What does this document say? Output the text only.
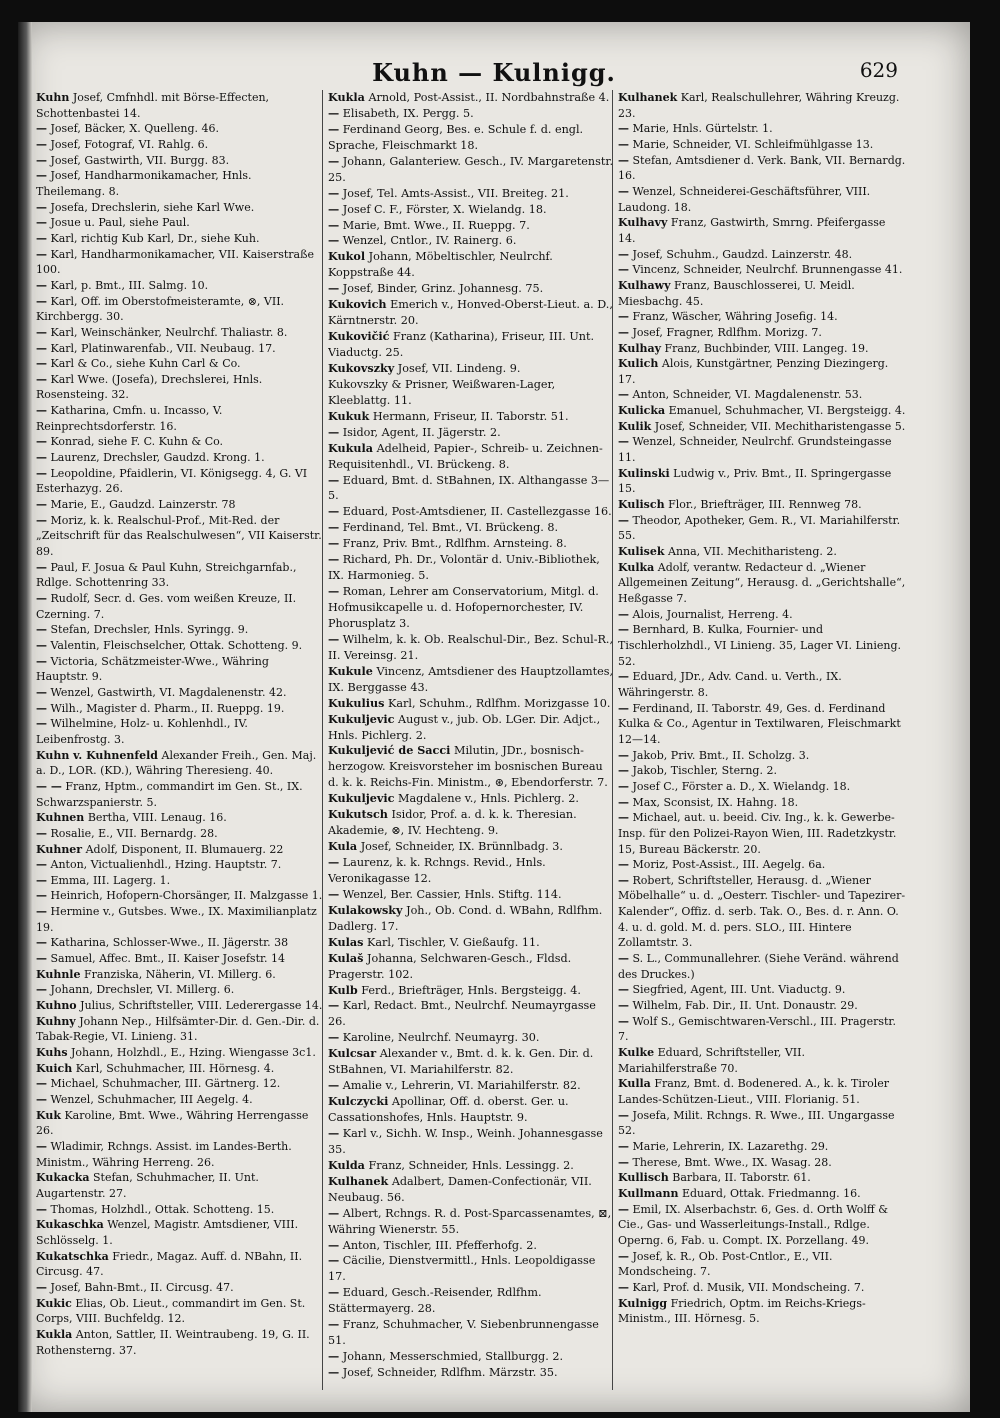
Kuhn — Kulnigg.	629

Kuhn Josef, Cmfnhdl. mit Börse-Effecten, Schottenbastei 14.

— Josef, Bäcker, X. Quelleng. 46.

— Josef, Fotograf, VI. Rahlg. 6.

— Josef, Gastwirth, VII. Burgg. 83.

— Josef, Handharmonikamacher, Hnls. Theilemang. 8.

— Josefa, Drechslerin, siehe Karl Wwe.

— Josue u. Paul, siehe Paul.

— Karl, richtig Kub Karl, Dr., siehe Kuh.

— Karl, Handharmonikamacher, VII. Kaiserstraße 100.

— Karl, p. Bmt., III. Salmg. 10.

— Karl, Off. im Oberstofmeisteramte, ⊗, VII. Kirchbergg. 30.

— Karl, Weinschänker, Neulrchf. Thaliastr. 8.

— Karl, Platinwarenfab., VII. Neubaug. 17.

— Karl & Co., siehe Kuhn Carl & Co.

— Karl Wwe. (Josefa), Drechslerei, Hnls. Rosensteing. 32.

— Katharina, Cmfn. u. Incasso, V. Reinprechtsdorferstr. 16.

— Konrad, siehe F. C. Kuhn & Co.

— Laurenz, Drechsler, Gaudzd. Krong. 1.

— Leopoldine, Pfaidlerin, VI. Königsegg. 4, G. VI Esterhazyg. 26.

— Marie, E., Gaudzd. Lainzerstr. 78

— Moriz, k. k. Realschul-Prof., Mit-Red. der „Zeitschrift für das Realschulwesen“, VII Kaiserstr. 89.

— Paul, F. Josua & Paul Kuhn, Streichgarnfab., Rdlge. Schottenring 33.

— Rudolf, Secr. d. Ges. vom weißen Kreuze, II. Czerning. 7.

— Stefan, Drechsler, Hnls. Syringg. 9.

— Valentin, Fleischselcher, Ottak. Schotteng. 9.

— Victoria, Schätzmeister-Wwe., Währing Hauptstr. 9.

— Wenzel, Gastwirth, VI. Magdalenenstr. 42.

— Wilh., Magister d. Pharm., II. Rueppg. 19.

— Wilhelmine, Holz- u. Kohlenhdl., IV. Leibenfrostg. 3.

Kuhn v. Kuhnenfeld Alexander Freih., Gen. Maj. a. D., LOR. (KD.), Währing Theresieng. 40.

— — Franz, Hptm., commandirt im Gen. St., IX. Schwarzspanierstr. 5.

Kuhnen Bertha, VIII. Lenaug. 16.

— Rosalie, E., VII. Bernardg. 28.

Kuhner Adolf, Disponent, II. Blumauerg. 22

— Anton, Victualienhdl., Hzing. Hauptstr. 7.

— Emma, III. Lagerg. 1.

— Heinrich, Hofopern-Chorsänger, II. Malzgasse 1.

— Hermine v., Gutsbes. Wwe., IX. Maximilianplatz 19.

— Katharina, Schlosser-Wwe., II. Jägerstr. 38

— Samuel, Affec. Bmt., II. Kaiser Josefstr. 14

Kuhnle Franziska, Näherin, VI. Millerg. 6.

— Johann, Drechsler, VI. Millerg. 6.

Kuhno Julius, Schriftsteller, VIII. Lederergasse 14.

Kuhny Johann Nep., Hilfsämter-Dir. d. Gen.-Dir. d. Tabak-Regie, VI. Linieng. 31.

Kuhs Johann, Holzhdl., E., Hzing. Wiengasse 3c1.

Kuich Karl, Schuhmacher, III. Hörnesg. 4.

— Michael, Schuhmacher, III. Gärtnerg. 12.

— Wenzel, Schuhmacher, III Aegelg. 4.

Kuk Karoline, Bmt. Wwe., Währing Herrengasse 26.

— Wladimir, Rchngs. Assist. im Landes-Berth. Ministm., Währing Herreng. 26.

Kukacka Stefan, Schuhmacher, II. Unt. Augartenstr. 27.

— Thomas, Holzhdl., Ottak. Schotteng. 15.

Kukaschka Wenzel, Magistr. Amtsdiener, VIII. Schlösselg. 1.

Kukatschka Friedr., Magaz. Auff. d. NBahn, II. Circusg. 47.

— Josef, Bahn-Bmt., II. Circusg. 47.

Kukic Elias, Ob. Lieut., commandirt im Gen. St. Corps, VIII. Buchfeldg. 12.

Kukla Anton, Sattler, II. Weintraubeng. 19, G. II. Rothensterng. 37.

Kukla Arnold, Post-Assist., II. Nordbahnstraße 4.

— Elisabeth, IX. Pergg. 5.

— Ferdinand Georg, Bes. e. Schule f. d. engl. Sprache, Fleischmarkt 18.

— Johann, Galanteriew. Gesch., IV. Margaretenstr. 25.

— Josef, Tel. Amts-Assist., VII. Breiteg. 21.

— Josef C. F., Förster, X. Wielandg. 18.

— Marie, Bmt. Wwe., II. Rueppg. 7.

— Wenzel, Cntlor., IV. Rainerg. 6.

Kukol Johann, Möbeltischler, Neulrchf. Koppstraße 44.

— Josef, Binder, Grinz. Johannesg. 75.

Kukovich Emerich v., Honved-Oberst-Lieut. a. D., Kärntnerstr. 20.

Kukovičić Franz (Katharina), Friseur, III. Unt. Viaductg. 25.

Kukovszky Josef, VII. Lindeng. 9.

Kukovszky & Prisner, Weißwaren-Lager, Kleeblattg. 11.

Kukuk Hermann, Friseur, II. Taborstr. 51.

— Isidor, Agent, II. Jägerstr. 2.

Kukula Adelheid, Papier-, Schreib- u. Zeichnen-Requisitenhdl., VI. Brückeng. 8.

— Eduard, Bmt. d. StBahnen, IX. Althangasse 3—5.

— Eduard, Post-Amtsdiener, II. Castellezgasse 16.

— Ferdinand, Tel. Bmt., VI. Brückeng. 8.

— Franz, Priv. Bmt., Rdlfhm. Arnsteing. 8.

— Richard, Ph. Dr., Volontär d. Univ.-Bibliothek, IX. Harmonieg. 5.

— Roman, Lehrer am Conservatorium, Mitgl. d. Hofmusikcapelle u. d. Hofopernorchester, IV. Phorusplatz 3.

— Wilhelm, k. k. Ob. Realschul-Dir., Bez. Schul-R., II. Vereinsg. 21.

Kukule Vincenz, Amtsdiener des Hauptzollamtes, IX. Berggasse 43.

Kukulius Karl, Schuhm., Rdlfhm. Morizgasse 10.

Kukuljevic August v., jub. Ob. LGer. Dir. Adjct., Hnls. Pichlerg. 2.

Kukuljević de Sacci Milutin, JDr., bosnisch-herzogow. Kreisvorsteher im bosnischen Bureau d. k. k. Reichs-Fin. Ministm., ⊛, Ebendorferstr. 7.

Kukuljevic Magdalene v., Hnls. Pichlerg. 2.

Kukutsch Isidor, Prof. a. d. k. k. Theresian. Akademie, ⊗, IV. Hechteng. 9.

Kula Josef, Schneider, IX. Brünnlbadg. 3.

— Laurenz, k. k. Rchngs. Revid., Hnls. Veronikagasse 12.

— Wenzel, Ber. Cassier, Hnls. Stiftg. 114.

Kulakowsky Joh., Ob. Cond. d. WBahn, Rdlfhm. Dadlerg. 17.

Kulas Karl, Tischler, V. Gießaufg. 11.

Kulaš Johanna, Selchwaren-Gesch., Fldsd. Pragerstr. 102.

Kulb Ferd., Briefträger, Hnls. Bergsteigg. 4.

— Karl, Redact. Bmt., Neulrchf. Neumayrgasse 26.

— Karoline, Neulrchf. Neumayrg. 30.

Kulcsar Alexander v., Bmt. d. k. k. Gen. Dir. d. StBahnen, VI. Mariahilferstr. 82.

— Amalie v., Lehrerin, VI. Mariahilferstr. 82.

Kulczycki Apollinar, Off. d. oberst. Ger. u. Cassationshofes, Hnls. Hauptstr. 9.

— Karl v., Sichh. W. Insp., Weinh. Johannesgasse 35.

Kulda Franz, Schneider, Hnls. Lessingg. 2.

Kulhanek Adalbert, Damen-Confectionär, VII. Neubaug. 56.

— Albert, Rchngs. R. d. Post-Sparcassenamtes, ⊠, Währing Wienerstr. 55.

— Anton, Tischler, III. Pfefferhofg. 2.

— Cäcilie, Dienstvermittl., Hnls. Leopoldigasse 17.

— Eduard, Gesch.-Reisender, Rdlfhm. Stättermayerg. 28.

— Franz, Schuhmacher, V. Siebenbrunnengasse 51.

— Johann, Messerschmied, Stallburgg. 2.

— Josef, Schneider, Rdlfhm. Märzstr. 35.

Kulhanek Karl, Realschullehrer, Währing Kreuzg. 23.

— Marie, Hnls. Gürtelstr. 1.

— Marie, Schneider, VI. Schleifmühlgasse 13.

— Stefan, Amtsdiener d. Verk. Bank, VII. Bernardg. 16.

— Wenzel, Schneiderei-Geschäftsführer, VIII. Laudong. 18.

Kulhavy Franz, Gastwirth, Smrng. Pfeifergasse 14.

— Josef, Schuhm., Gaudzd. Lainzerstr. 48.

— Vincenz, Schneider, Neulrchf. Brunnengasse 41.

Kulhawy Franz, Bauschlosserei, U. Meidl. Miesbachg. 45.

— Franz, Wäscher, Währing Josefig. 14.

— Josef, Fragner, Rdlfhm. Morizg. 7.

Kulhay Franz, Buchbinder, VIII. Langeg. 19.

Kulich Alois, Kunstgärtner, Penzing Diezingerg. 17.

— Anton, Schneider, VI. Magdalenenstr. 53.

Kulicka Emanuel, Schuhmacher, VI. Bergsteigg. 4.

Kulik Josef, Schneider, VII. Mechitharistengasse 5.

— Wenzel, Schneider, Neulrchf. Grundsteingasse 11.

Kulinski Ludwig v., Priv. Bmt., II. Springergasse 15.

Kulisch Flor., Briefträger, III. Rennweg 78.

— Theodor, Apotheker, Gem. R., VI. Mariahilferstr. 55.

Kulisek Anna, VII. Mechitharisteng. 2.

Kulka Adolf, verantw. Redacteur d. „Wiener Allgemeinen Zeitung“, Herausg. d. „Gerichtshalle“, Heßgasse 7.

— Alois, Journalist, Herreng. 4.

— Bernhard, B. Kulka, Fournier- und Tischlerholzhdl., VI Linieng. 35, Lager VI. Linieng. 52.

— Eduard, JDr., Adv. Cand. u. Verth., IX. Währingerstr. 8.

— Ferdinand, II. Taborstr. 49, Ges. d. Ferdinand Kulka & Co., Agentur in Textilwaren, Fleischmarkt 12—14.

— Jakob, Priv. Bmt., II. Scholzg. 3.

— Jakob, Tischler, Sterng. 2.

— Josef C., Förster a. D., X. Wielandg. 18.

— Max, Sconsist, IX. Hahng. 18.

— Michael, aut. u. beeid. Civ. Ing., k. k. Gewerbe-Insp. für den Polizei-Rayon Wien, III. Radetzkystr. 15, Bureau Bäckerstr. 20.

— Moriz, Post-Assist., III. Aegelg. 6a.

— Robert, Schriftsteller, Herausg. d. „Wiener Möbelhalle“ u. d. „Oesterr. Tischler- und Tapezirer-Kalender“, Offiz. d. serb. Tak. O., Bes. d. r. Ann. O. 4. u. d. gold. M. d. pers. SLO., III. Hintere Zollamtstr. 3.

— S. L., Communallehrer. (Siehe Veränd. während des Druckes.)

— Siegfried, Agent, III. Unt. Viaductg. 9.

— Wilhelm, Fab. Dir., II. Unt. Donaustr. 29.

— Wolf S., Gemischtwaren-Verschl., III. Pragerstr. 7.

Kulke Eduard, Schriftsteller, VII. Mariahilferstraße 70.

Kulla Franz, Bmt. d. Bodenered. A., k. k. Tiroler Landes-Schützen-Lieut., VIII. Florianig. 51.

— Josefa, Milit. Rchngs. R. Wwe., III. Ungargasse 52.

— Marie, Lehrerin, IX. Lazarethg. 29.

— Therese, Bmt. Wwe., IX. Wasag. 28.

Kullisch Barbara, II. Taborstr. 61.

Kullmann Eduard, Ottak. Friedmanng. 16.

— Emil, IX. Alserbachstr. 6, Ges. d. Orth Wolff & Cie., Gas- und Wasserleitungs-Install., Rdlge. Operng. 6, Fab. u. Compt. IX. Porzellang. 49.

— Josef, k. R., Ob. Post-Cntlor., E., VII. Mondscheing. 7.

— Karl, Prof. d. Musik, VII. Mondscheing. 7.

Kulnigg Friedrich, Optm. im Reichs-Kriegs-Ministm., III. Hörnesg. 5.
